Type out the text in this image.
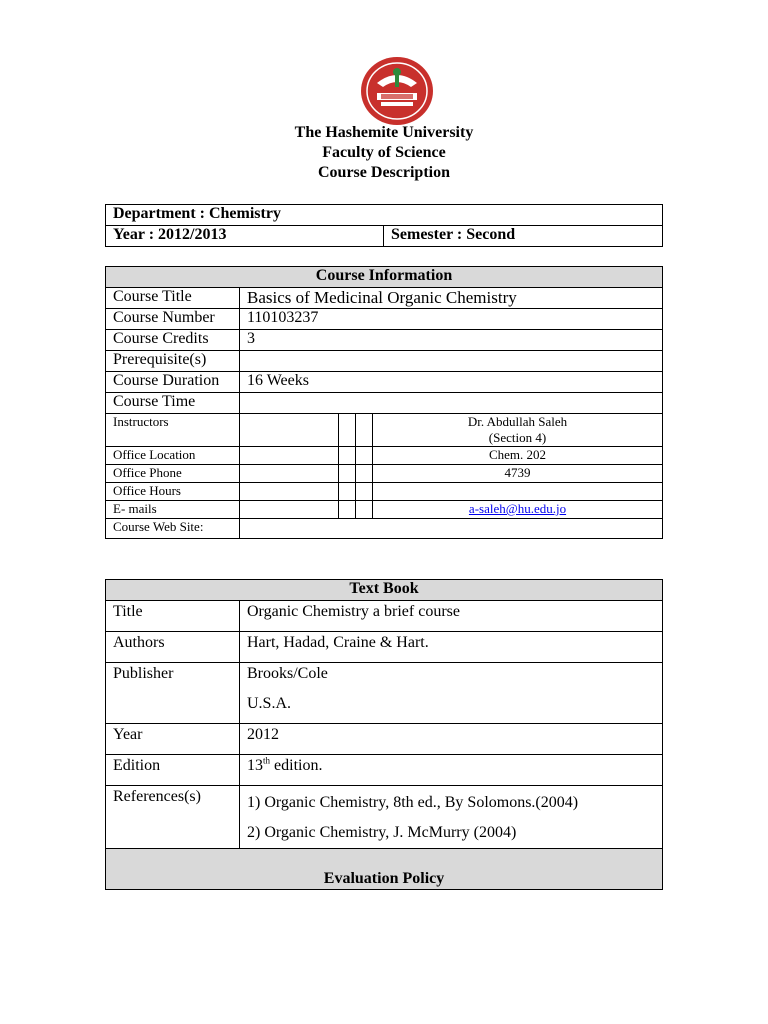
The Hashemite University
Faculty of Science
Course Description
Department : Chemistry
Year : 2012/2013	Semester : Second
Course Information				
Course Title	Basics of Medicinal Organic Chemistry			
Course Number	110103237			
Course Credits	3			
Prerequisite(s)				
Course Duration	16 Weeks			
Course Time				
Instructors				Dr. Abdullah Saleh
(Section 4)

Office Location				Chem. 202
Office Phone				4739
Office Hours				
E- mails				a-saleh@hu.edu.jo
Course Web Site:				
Text Book	
Title	Organic Chemistry a brief course
Authors	Hart, Hadad, Craine & Hart.
Publisher	Brooks/Cole
U.S.A.

Year	2012
Edition	13th edition.
References(s)	1) Organic Chemistry, 8th ed., By Solomons.(2004)
2) Organic Chemistry, J. McMurry (2004)

Evaluation Policy	
